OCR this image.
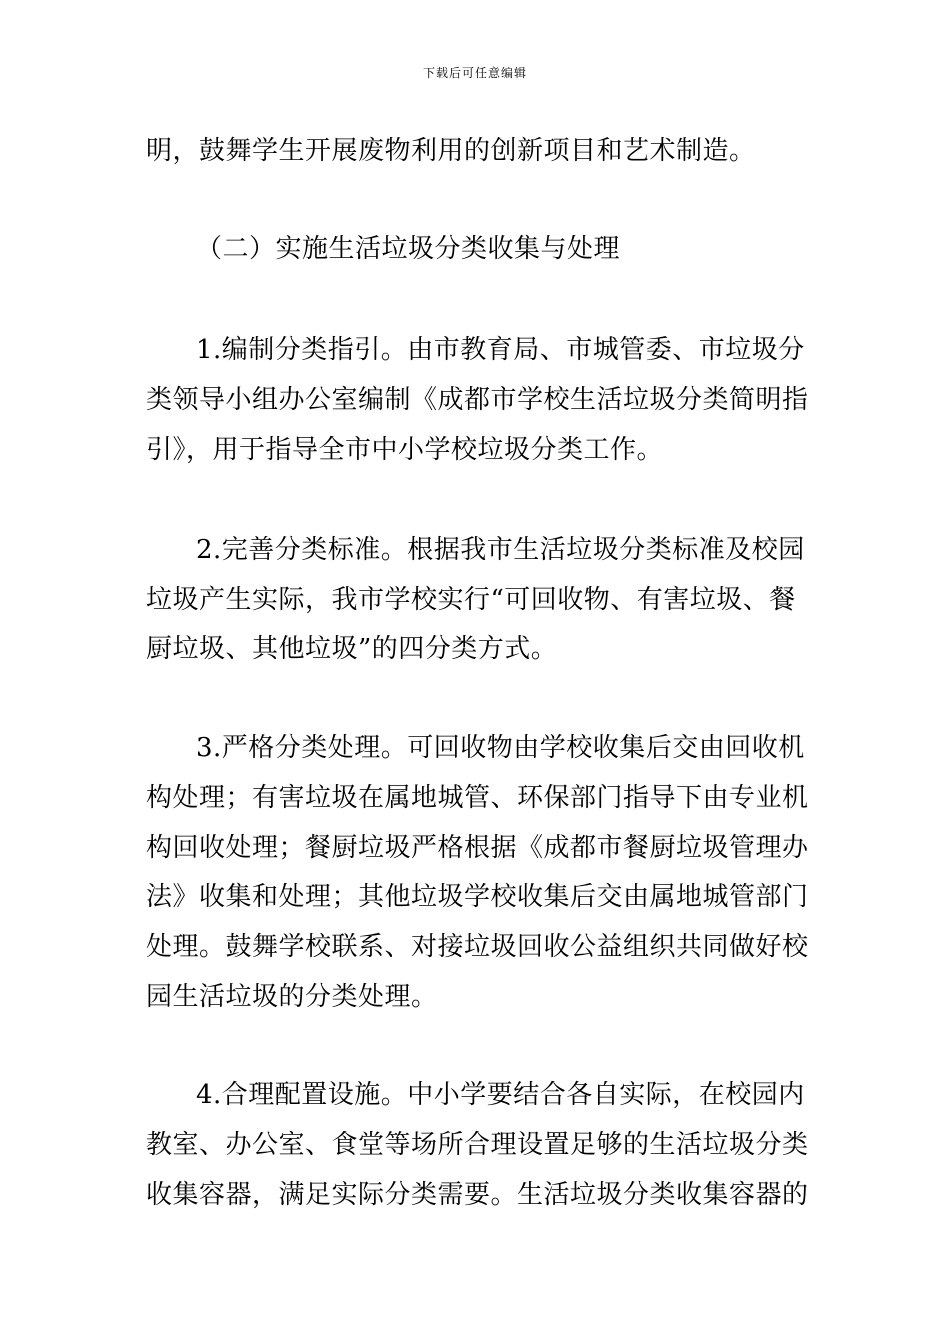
下载后可任意编辑
明，鼓舞学生开展废物利用的创新项目和艺术制造。
（二）实施生活垃圾分类收集与处理
1.编制分类指引。由市教育局、市城管委、市垃圾分
类领导小组办公室编制《成都市学校生活垃圾分类简明指
引》，用于指导全市中小学校垃圾分类工作。
2.完善分类标准。根据我市生活垃圾分类标准及校园
垃圾产生实际，我市学校实行“可回收物、有害垃圾、餐
厨垃圾、其他垃圾”的四分类方式。
3.严格分类处理。可回收物由学校收集后交由回收机
构处理；有害垃圾在属地城管、环保部门指导下由专业机
构回收处理；餐厨垃圾严格根据《成都市餐厨垃圾管理办
法》收集和处理；其他垃圾学校收集后交由属地城管部门
处理。鼓舞学校联系、对接垃圾回收公益组织共同做好校
园生活垃圾的分类处理。
4.合理配置设施。中小学要结合各自实际，在校园内
教室、办公室、食堂等场所合理设置足够的生活垃圾分类
收集容器，满足实际分类需要。生活垃圾分类收集容器的
